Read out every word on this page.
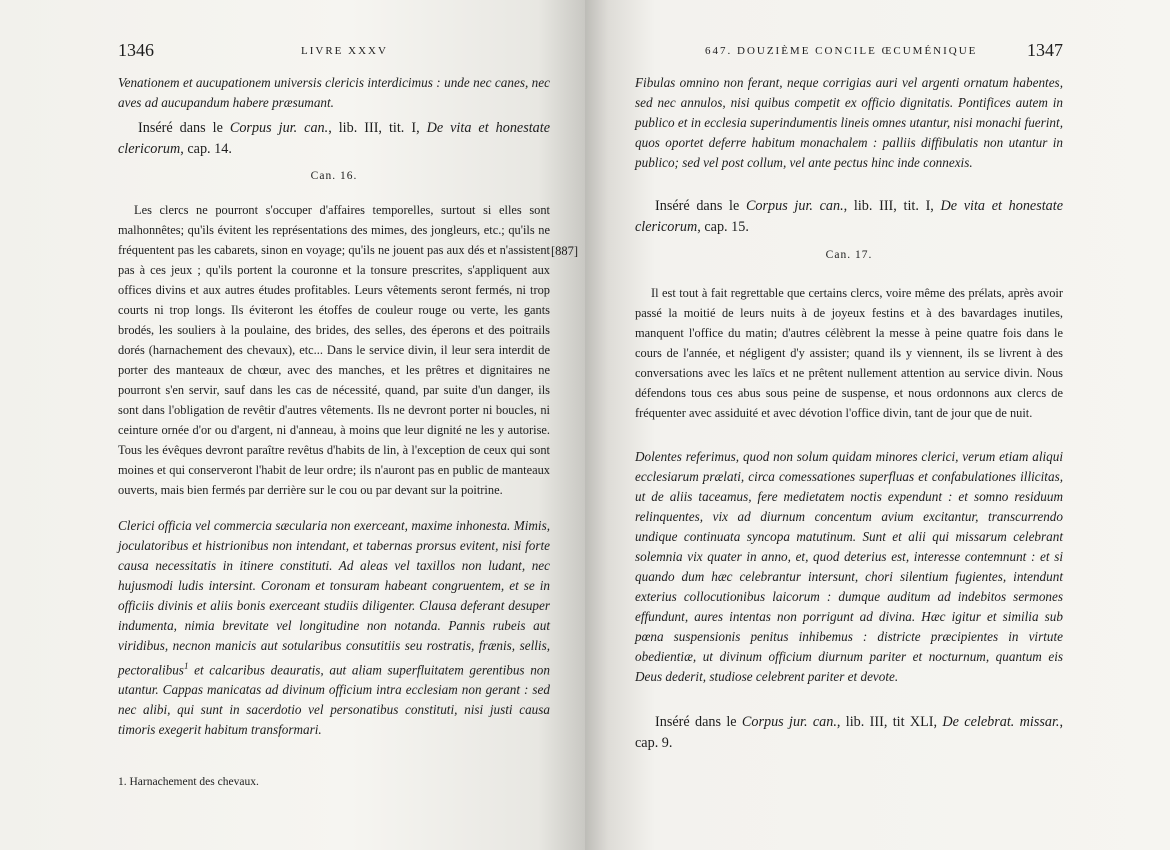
1346	LIVRE XXXV

Venationem et aucupationem universis clericis interdicimus : unde nec canes, nec aves ad aucupandum habere præsumant.

Inséré dans le Corpus jur. can., lib. III, tit. I, De vita et honestate clericorum, cap. 14.

Can. 16.

Les clercs ne pourront s'occuper d'affaires temporelles, surtout si elles sont malhonnêtes; qu'ils évitent les représentations des mimes, des jongleurs, etc.; qu'ils ne fréquentent pas les cabarets, sinon en voyage; qu'ils ne jouent pas aux dés et n'assistent pas à ces jeux ; qu'ils portent la couronne et la tonsure prescrites, s'appliquent aux offices divins et aux autres études profitables. Leurs vêtements seront fermés, ni trop courts ni trop longs. Ils éviteront les étoffes de couleur rouge ou verte, les gants brodés, les souliers à la poulaine, des brides, des selles, des éperons et des poitrails dorés (harnachement des chevaux), etc... Dans le service divin, il leur sera interdit de porter des manteaux de chœur, avec des manches, et les prêtres et dignitaires ne pourront s'en servir, sauf dans les cas de nécessité, quand, par suite d'un danger, ils sont dans l'obligation de revêtir d'autres vêtements. Ils ne devront porter ni boucles, ni ceinture ornée d'or ou d'argent, ni d'anneau, à moins que leur dignité ne les y autorise. Tous les évêques devront paraître revêtus d'habits de lin, à l'exception de ceux qui sont moines et qui conserveront l'habit de leur ordre; ils n'auront pas en public de manteaux ouverts, mais bien fermés par derrière sur le cou ou par devant sur la poitrine.

Clerici officia vel commercia sæcularia non exerceant, maxime inhonesta. Mimis, joculatoribus et histrionibus non intendant, et tabernas prorsus evitent, nisi forte causa necessitatis in itinere constituti. Ad aleas vel taxillos non ludant, nec hujusmodi ludis intersint. Coronam et tonsuram habeant congruentem, et se in officiis divinis et aliis bonis exerceant studiis diligenter. Clausa deferant desuper indumenta, nimia brevitate vel longitudine non notanda. Pannis rubeis aut viridibus, necnon manicis aut sotularibus consutitiis seu rostratis, frænis, sellis, pectoralibus$^1$ et calcaribus deauratis, aut aliam superfluitatem gerentibus non utantur. Cappas manicatas ad divinum officium intra ecclesiam non gerant : sed nec alibi, qui sunt in sacerdotio vel personatibus constituti, nisi justi causa timoris exegerit habitum transformari.

1. Harnachement des chevaux.

[887]
647. DOUZIÈME CONCILE ŒCUMÉNIQUE	1347

Fibulas omnino non ferant, neque corrigias auri vel argenti ornatum habentes, sed nec annulos, nisi quibus competit ex officio dignitatis. Pontifices autem in publico et in ecclesia superindumentis lineis omnes utantur, nisi monachi fuerint, quos oportet deferre habitum monachalem : palliis diffibulatis non utantur in publico; sed vel post collum, vel ante pectus hinc inde connexis.

Inséré dans le Corpus jur. can., lib. III, tit. I, De vita et honestate clericorum, cap. 15.

Can. 17.

Il est tout à fait regrettable que certains clercs, voire même des prélats, après avoir passé la moitié de leurs nuits à de joyeux festins et à des bavardages inutiles, manquent l'office du matin; d'autres célèbrent la messe à peine quatre fois dans le cours de l'année, et négligent d'y assister; quand ils y viennent, ils se livrent à des conversations avec les laïcs et ne prêtent nullement attention au service divin. Nous défendons tous ces abus sous peine de suspense, et nous ordonnons aux clercs de fréquenter avec assiduité et avec dévotion l'office divin, tant de jour que de nuit.

Dolentes referimus, quod non solum quidam minores clerici, verum etiam aliqui ecclesiarum prælati, circa comessationes superfluas et confabulationes illicitas, ut de aliis taceamus, fere medietatem noctis expendunt : et somno residuum relinquentes, vix ad diurnum concentum avium excitantur, transcurrendo undique continuata syncopa matutinum. Sunt et alii qui missarum celebrant solemnia vix quater in anno, et, quod deterius est, interesse contemnunt : et si quando dum hæc celebrantur intersunt, chori silentium fugientes, intendunt exterius collocutionibus laicorum : dumque auditum ad indebitos sermones effundunt, aures intentas non porrigunt ad divina. Hæc igitur et similia sub pœna suspensionis penitus inhibemus : districte præcipientes in virtute obedientiæ, ut divinum officium diurnum pariter et nocturnum, quantum eis Deus dederit, studiose celebrent pariter et devote.

Inséré dans le Corpus jur. can., lib. III, tit XLI, De celebrat. missar., cap. 9.
